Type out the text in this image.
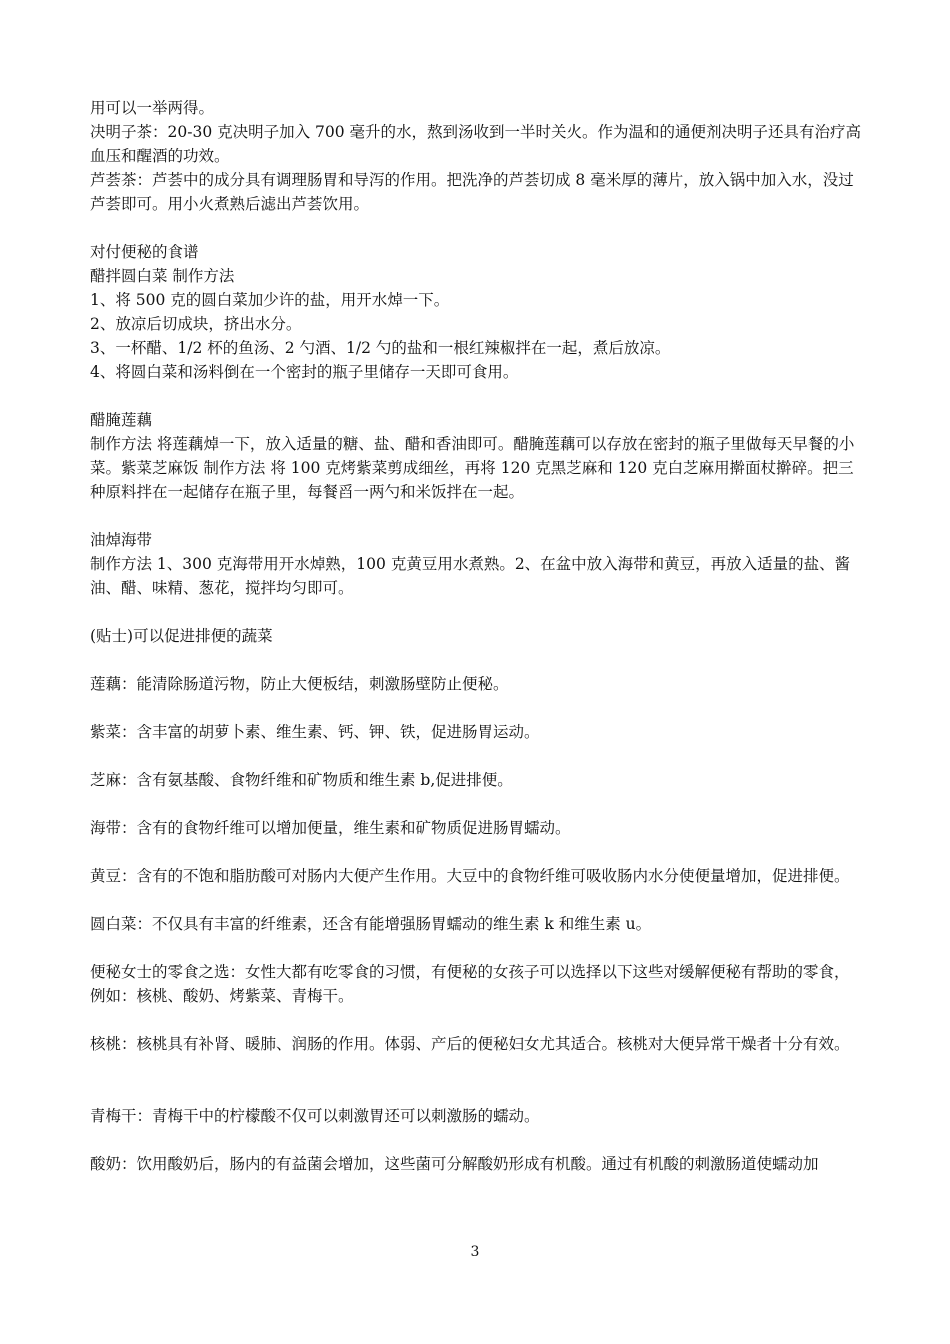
用可以一举两得。

决明子茶：20-30 克决明子加入 700 毫升的水，熬到汤收到一半时关火。作为温和的通便剂决明子还具有治疗高血压和醒酒的功效。

芦荟茶：芦荟中的成分具有调理肠胃和导泻的作用。把洗净的芦荟切成 8 毫米厚的薄片，放入锅中加入水，没过芦荟即可。用小火煮熟后滤出芦荟饮用。

对付便秘的食谱

醋拌圆白菜 制作方法

1、将 500 克的圆白菜加少许的盐，用开水焯一下。

2、放凉后切成块，挤出水分。

3、一杯醋、1/2 杯的鱼汤、2 勺酒、1/2 勺的盐和一根红辣椒拌在一起，煮后放凉。

4、将圆白菜和汤料倒在一个密封的瓶子里储存一天即可食用。

醋腌莲藕

制作方法 将莲藕焯一下，放入适量的糖、盐、醋和香油即可。醋腌莲藕可以存放在密封的瓶子里做每天早餐的小菜。紫菜芝麻饭 制作方法 将 100 克烤紫菜剪成细丝，再将 120 克黑芝麻和 120 克白芝麻用擀面杖擀碎。把三种原料拌在一起储存在瓶子里，每餐舀一两勺和米饭拌在一起。

油焯海带

制作方法 1、300 克海带用开水焯熟，100 克黄豆用水煮熟。2、在盆中放入海带和黄豆，再放入适量的盐、酱油、醋、味精、葱花，搅拌均匀即可。

(贴士)可以促进排便的蔬菜

莲藕：能清除肠道污物，防止大便板结，刺激肠壁防止便秘。

紫菜：含丰富的胡萝卜素、维生素、钙、钾、铁，促进肠胃运动。

芝麻：含有氨基酸、食物纤维和矿物质和维生素 b,促进排便。

海带：含有的食物纤维可以增加便量，维生素和矿物质促进肠胃蠕动。

黄豆：含有的不饱和脂肪酸可对肠内大便产生作用。大豆中的食物纤维可吸收肠内水分使便量增加，促进排便。

圆白菜：不仅具有丰富的纤维素，还含有能增强肠胃蠕动的维生素 k 和维生素 u。

便秘女士的零食之选：女性大都有吃零食的习惯，有便秘的女孩子可以选择以下这些对缓解便秘有帮助的零食，例如：核桃、酸奶、烤紫菜、青梅干。

核桃：核桃具有补肾、暖肺、润肠的作用。体弱、产后的便秘妇女尤其适合。核桃对大便异常干燥者十分有效。

青梅干：青梅干中的柠檬酸不仅可以刺激胃还可以刺激肠的蠕动。

酸奶：饮用酸奶后，肠内的有益菌会增加，这些菌可分解酸奶形成有机酸。通过有机酸的刺激肠道使蠕动加

3
